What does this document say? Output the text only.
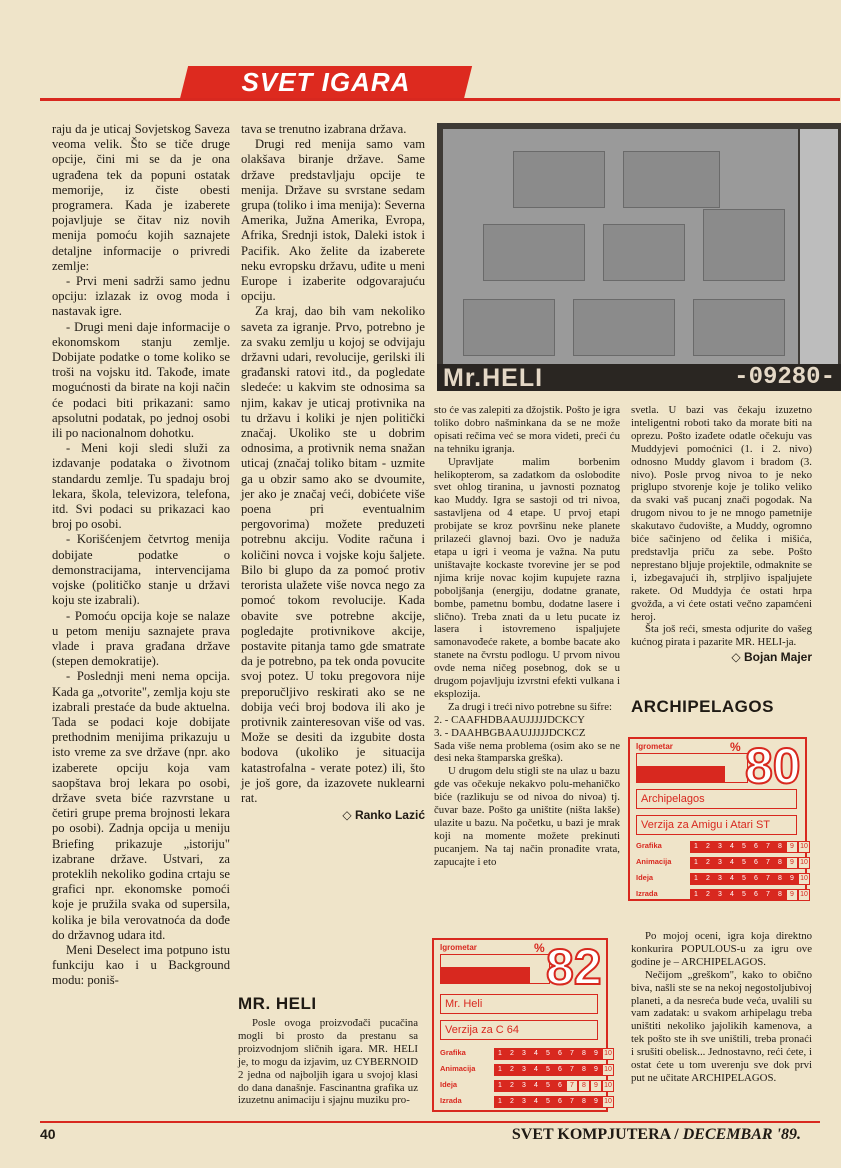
SVET IGARA

raju da je uticaj Sovjetskog Saveza veoma velik. Što se tiče druge opcije, čini mi se da je ona ugrađena tek da popuni ostatak memorije, iz čiste obesti programera. Kada je izaberete pojavljuje se čitav niz novih menija pomoću kojih saznajete detaljne informacije o privredi zemlje:

- Prvi meni sadrži samo jednu opciju: izlazak iz ovog moda i nastavak igre.

- Drugi meni daje informacije o ekonomskom stanju zemlje. Dobijate podatke o tome koliko se troši na vojsku itd. Takođe, imate mogućnosti da birate na koji način će podaci biti prikazani: samo apsolutni podatak, po jednoj osobi ili po nacionalnom dohotku.

- Meni koji sledi služi za izdavanje podataka o životnom standardu zemlje. Tu spadaju broj lekara, škola, televizora, telefona, itd. Svi podaci su prikazaci kao broj po osobi.

- Korišćenjem četvrtog menija dobijate podatke o demonstracijama, intervencijama vojske (političko stanje u državi koju ste izabrali).

- Pomoću opcija koje se nalaze u petom meniju saznajete prava vlade i prava građana države (stepen demokratije).

- Poslednji meni nema opcija. Kada ga „otvorite", zemlja koju ste izabrali prestaće da bude aktuelna. Tada se podaci koje dobijate prethodnim menijima prikazuju u isto vreme za sve države (npr. ako izaberete opciju koja vam saopštava broj lekara po osobi, države sveta biće razvrstane u četiri grupe prema brojnosti lekara po osobi). Zadnja opcija u meniju Briefing prikazuje „istoriju" izabrane države. Ustvari, za proteklih nekoliko godina crtaju se grafici npr. ekonomske pomoći koje je pružila svaka od supersila, kolika je bila verovatnoća da dođe do državnog udara itd.

Meni Deselect ima potpuno istu funkciju kao i u Background modu: poniš-

tava se trenutno izabrana država.

Drugi red menija samo vam olakšava biranje države. Same države predstavljaju opcije te menija. Države su svrstane sedam grupa (toliko i ima menija): Severna Amerika, Južna Amerika, Evropa, Afrika, Srednji istok, Daleki istok i Pacifik. Ako želite da izaberete neku evropsku državu, uđite u meni Europe i izaberite odgovarajuću opciju.

Za kraj, dao bih vam nekoliko saveta za igranje. Prvo, potrebno je za svaku zemlju u kojoj se odvijaju državni udari, revolucije, gerilski ili građanski ratovi itd., da pogledate sledeće: u kakvim ste odnosima sa njim, kakav je uticaj protivnika na tu državu i koliki je njen politički značaj. Ukoliko ste u dobrim odnosima, a protivnik nema snažan uticaj (značaj toliko bitam - uzmite ga u obzir samo ako se dvoumite, jer ako je značaj veći, dobićete više poena pri eventualnim pergovorima) možete preduzeti potrebnu akciju. Vodite računa i količini novca i vojske koju šaljete. Bilo bi glupo da za pomoć protiv terorista ulažete više novca nego za pomoć tokom revolucije. Kada obavite sve potrebne akcije, pogledajte protivnikove akcije, postavite pitanja tamo gde smatrate da je potrebno, pa tek onda povucite svoj potez. U toku pregovora nije preporučljivo reskirati ako se ne dobija veći broj bodova ili ako je protivnik zainteresovan više od vas. Može se desiti da izgubite dosta bodova (ukoliko je situacija katastrofalna - verate potez) ili, što je još gore, da izazovete nuklearni rat.

◇ Ranko Lazić
Mr.HELI	-09280-

sto će vas zalepiti za džojstik. Pošto je igra toliko dobro našminkana da se ne može opisati rečima već se mora videti, preći ću na tehniku igranja.

Upravljate malim borbenim helikopterom, sa zadatkom da oslobodite svet ohlog tiranina, u javnosti poznatog kao Muddy. Igra se sastoji od tri nivoa, sastavljena od 4 etape. U prvoj etapi probijate se kroz površinu neke planete prilazeći glavnoj bazi. Ovo je naduža etapa u igri i veoma je važna. Na putu uništavajte kockaste tvorevine jer se pod njima krije novac kojim kupujete razna poboljšanja (energiju, dodatne granate, bombe, pametnu bombu, dodatne lasere i slično). Treba znati da u letu pucate iz lasera i istovremeno ispaljujete samonavođeće rakete, a bombe bacate ako stanete na čvrstu podlogu. U prvom nivou ovde nema ničeg posebnog, dok se u drugom pojavljuju izvrstni efekti vulkana i eksplozija.

Za drugi i treći nivo potrebne su šifre:

2. - CAAFHDBAAUJJJJJDCKCY

3. - DAAHBGBAAUJJJJJDCKCZ

Sada više nema problema (osim ako se ne desi neka štamparska greška).

U drugom delu stigli ste na ulaz u bazu gde vas očekuje nekakvo polu-mehaničko biće (razlikuju se od nivoa do nivoa) tj. čuvar baze. Pošto ga uništite (ništa lakše) ulazite u bazu. Na početku, u bazi je mrak koji na momente možete prekinuti pucanjem. Na taj način pronađite vrata, zapucajte i eto

svetla. U bazi vas čekaju izuzetno inteligentni roboti tako da morate biti na oprezu. Pošto izađete odatle očekuju vas Muddyjevi pomoćnici (1. i 2. nivo) odnosno Muddy glavom i bradom (3. nivo). Posle prvog nivoa to je neko priglupo stvorenje koje je toliko veliko da svaki vaš pucanj znači pogodak. Na drugom nivou to je ne mnogo pametnije skakutavo čudovište, a Muddy, ogromno biće sačinjeno od čelika i mišića, predstavlja priču za sebe. Pošto neprestano bljuje projektile, odmaknite se i, izbegavajući ih, strpljivo ispaljujete rakete. Od Muddyja će ostati hrpa gvožđa, a vi ćete ostati večno zapamćeni heroj.

Šta još reći, smesta odjurite do vašeg kućnog pirata i pazarite MR. HELI-ja.

◇ Bojan Majer
ARCHIPELAGOS
Igrometar	% 80
Archipelagos
Verzija za Amigu i Atari ST
Grafika	1	2	3	4	5	6	7	8	9 10
Animacija	1	2	3	4	5	6	7	8	9 10
Ideja	1	2	3	4	5	6	7	8	9 10
Izrada	1	2	3	4	5	6	7	8	9 10

Po mojoj oceni, igra koja direktno konkurira POPULOUS-u za igru ove godine je – ARCHIPELAGOS.

Nečijom „greškom", kako to obično biva, našli ste se na nekoj negostoljubivoj planeti, a da nesreća bude veća, uvalili su vam zadatak: u svakom arhipelagu treba uništiti nekoliko jajolikih kamenova, a tek pošto ste ih sve uništili, treba pronaći i srušiti obelisk... Jednostavno, reći ćete, i ostat ćete u tom uverenju sve dok prvi put ne učitate ARCHIPELAGOS.

Igrometar	% 82
Mr. Heli
Verzija za C 64
Grafika	1	2	3	4	5	6	7	8	9 10
Animacija	1	2	3	4	5	6	7	8	9 10
Ideja	1	2	3	4	5	6	7	8	9 10
Izrada	1	2	3	4	5	6	7	8	9 10
MR. HELI

Posle ovoga proizvođači pucačina mogli bi prosto da prestanu sa proizvodnjom sličnih igara. MR. HELI je, to mogu da izjavim, uz CYBERNOID 2 jedna od najboljih igara u svojoj klasi do dana današnje. Fascinantna grafika uz izuzetnu animaciju i sjajnu muziku pro-

40	SVET KOMPJUTERA / DECEMBAR '89.
